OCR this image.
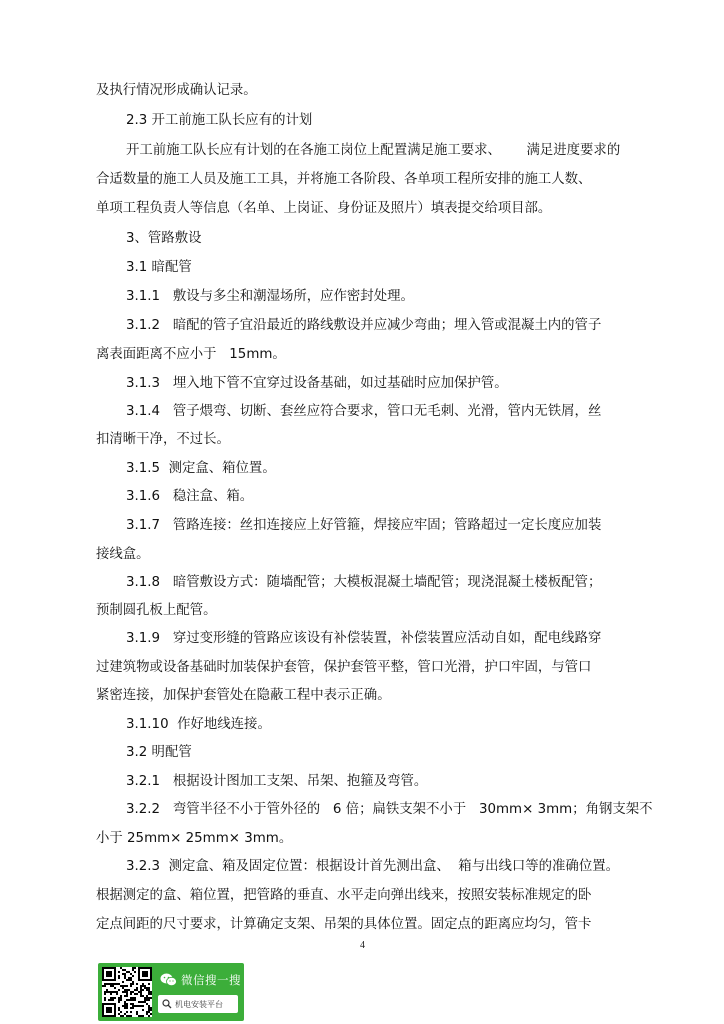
及执行情况形成确认记录。
2.3 开工前施工队长应有的计划
开工前施工队长应有计划的在各施工岗位上配置满足施工要求、      满足进度要求的
合适数量的施工人员及施工工具，并将施工各阶段、各单项工程所安排的施工人数、
单项工程负责人等信息（名单、上岗证、身份证及照片）填表提交给项目部。
3、管路敷设
3.1 暗配管
3.1.1   敷设与多尘和潮湿场所，应作密封处理。
3.1.2   暗配的管子宜沿最近的路线敷设并应减少弯曲；埋入管或混凝土内的管子
离表面距离不应小于   15mm。
3.1.3   埋入地下管不宜穿过设备基础，如过基础时应加保护管。
3.1.4   管子煨弯、切断、套丝应符合要求，管口无毛刺、光滑，管内无铁屑，丝
扣清晰干净，不过长。
3.1.5  测定盒、箱位置。
3.1.6   稳注盒、箱。
3.1.7   管路连接：丝扣连接应上好管箍，焊接应牢固；管路超过一定长度应加装
接线盒。
3.1.8   暗管敷设方式：随墙配管；大模板混凝土墙配管；现浇混凝土楼板配管；
预制圆孔板上配管。
3.1.9   穿过变形缝的管路应该设有补偿装置，补偿装置应活动自如，配电线路穿
过建筑物或设备基础时加装保护套管，保护套管平整，管口光滑，护口牢固，与管口
紧密连接，加保护套管处在隐蔽工程中表示正确。
3.1.10  作好地线连接。
3.2 明配管
3.2.1   根据设计图加工支架、吊架、抱箍及弯管。
3.2.2   弯管半径不小于管外径的   6 倍；扁铁支架不小于   30mm× 3mm；角钢支架不
小于 25mm× 25mm× 3mm。
3.2.3  测定盒、箱及固定位置：根据设计首先测出盒、  箱与出线口等的准确位置。
根据测定的盒、箱位置，把管路的垂直、水平走向弹出线来，按照安装标准规定的卧
定点间距的尺寸要求，计算确定支架、吊架的具体位置。固定点的距离应均匀，管卡
4
微信搜一搜
机电安装平台
